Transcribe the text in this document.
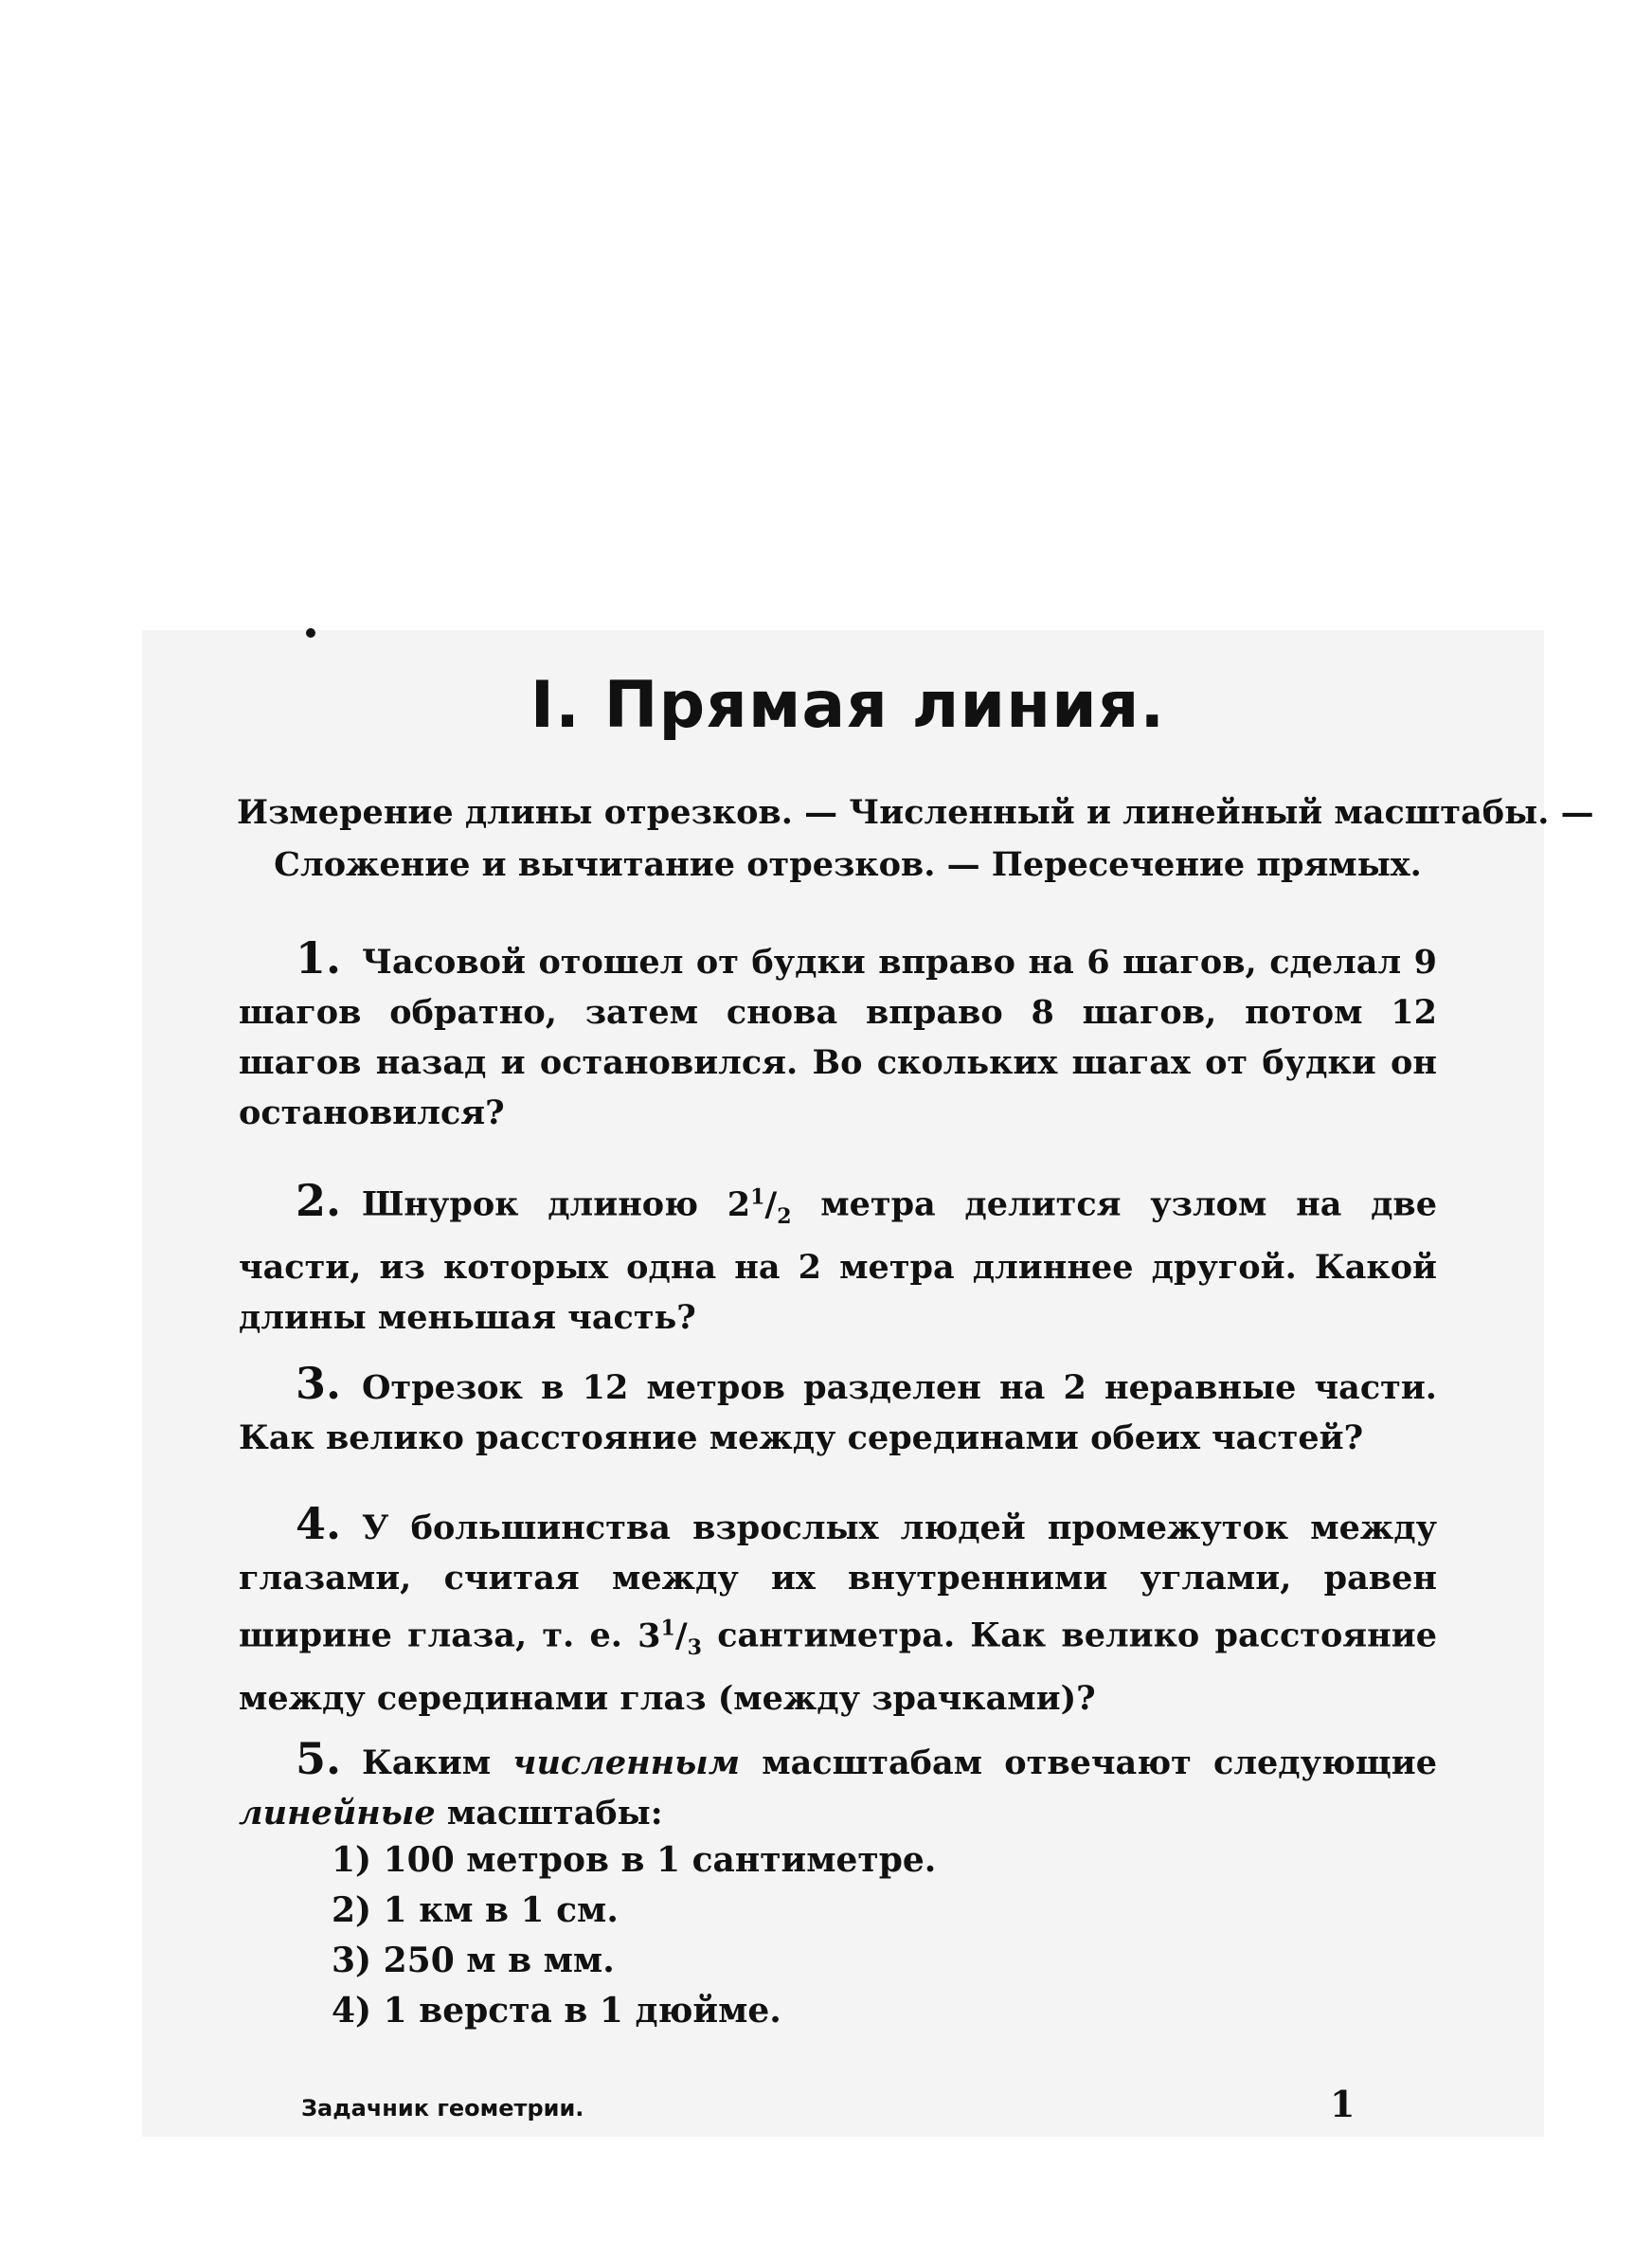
I. Прямая линия.
Измерение длины отрезков. — Численный и линейный масштабы. —
Сложение и вычитание отрезков. — Пересечение прямых.
1. Часовой отошел от будки вправо на 6 шагов, сделал 9 шагов обратно, затем снова вправо 8 шагов, потом 12 шагов назад и остановился. Во скольких шагах от будки он остановился?
2. Шнурок длиною $2^1/_2$ метра делится узлом на две части, из которых одна на 2 метра длиннее другой. Какой длины меньшая часть?
3. Отрезок в 12 метров разделен на 2 неравные части. Как велико расстояние между серединами обеих частей?
4. У большинства взрослых людей промежуток между глазами, считая между их внутренними углами, равен ширине глаза, т. е. $3^1/_3$ сантиметра. Как велико расстояние между серединами глаз (между зрачками)?
5. Каким численным масштабам отвечают следующие линейные масштабы:
1) 100 метров в 1 сантиметре.
2) 1 км в 1 см.
3) 250 м в мм.
4) 1 верста в 1 дюйме.
Задачник геометрии.	1
